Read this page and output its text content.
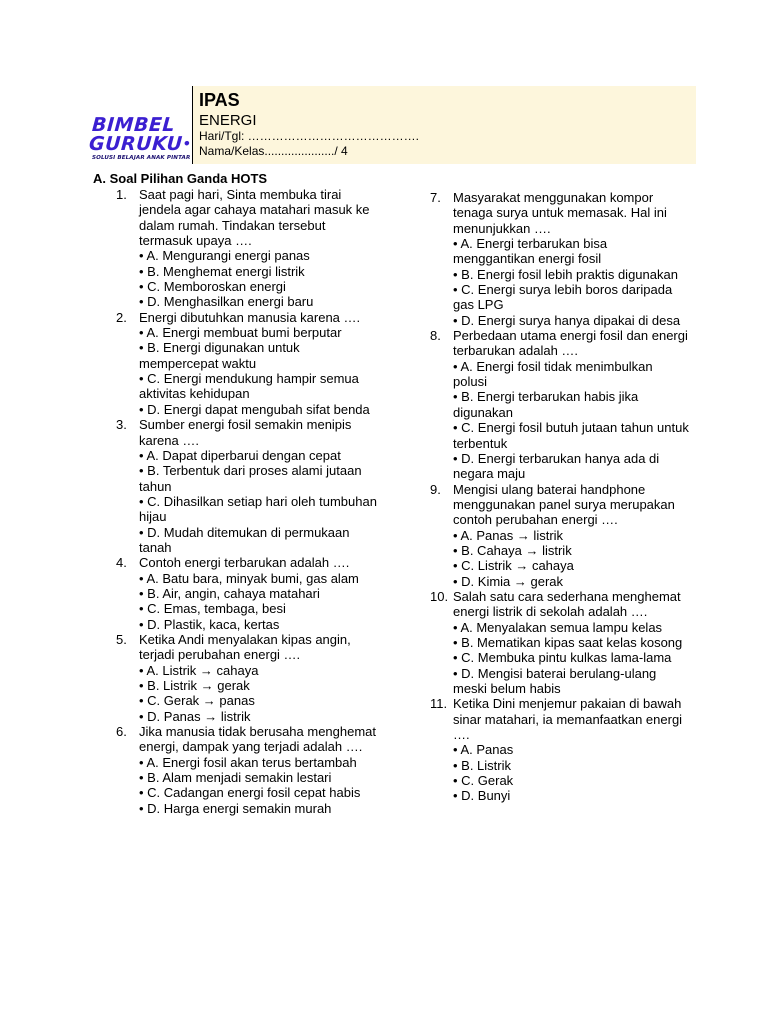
BIMBEL
GURUKU•
SOLUSI BELAJAR ANAK PINTAR
IPAS
ENERGI
Hari/Tgl: …………………………………….
Nama/Kelas...................../ 4
A. Soal Pilihan Ganda HOTS
1. Saat pagi hari, Sinta membuka tirai jendela agar cahaya matahari masuk ke dalam rumah. Tindakan tersebut termasuk upaya ….
• A. Mengurangi energi panas
• B. Menghemat energi listrik
• C. Memboroskan energi
• D. Menghasilkan energi baru
2. Energi dibutuhkan manusia karena ….
• A. Energi membuat bumi berputar
• B. Energi digunakan untuk mempercepat waktu
• C. Energi mendukung hampir semua aktivitas kehidupan
• D. Energi dapat mengubah sifat benda
3. Sumber energi fosil semakin menipis karena ….
• A. Dapat diperbarui dengan cepat
• B. Terbentuk dari proses alami jutaan tahun
• C. Dihasilkan setiap hari oleh tumbuhan hijau
• D. Mudah ditemukan di permukaan tanah
4. Contoh energi terbarukan adalah ….
• A. Batu bara, minyak bumi, gas alam
• B. Air, angin, cahaya matahari
• C. Emas, tembaga, besi
• D. Plastik, kaca, kertas
5. Ketika Andi menyalakan kipas angin, terjadi perubahan energi ….
• A. Listrik → cahaya
• B. Listrik → gerak
• C. Gerak → panas
• D. Panas → listrik
6. Jika manusia tidak berusaha menghemat energi, dampak yang terjadi adalah ….
• A. Energi fosil akan terus bertambah
• B. Alam menjadi semakin lestari
• C. Cadangan energi fosil cepat habis
• D. Harga energi semakin murah
7. Masyarakat menggunakan kompor tenaga surya untuk memasak. Hal ini menunjukkan ….
• A. Energi terbarukan bisa menggantikan energi fosil
• B. Energi fosil lebih praktis digunakan
• C. Energi surya lebih boros daripada gas LPG
• D. Energi surya hanya dipakai di desa
8. Perbedaan utama energi fosil dan energi terbarukan adalah ….
• A. Energi fosil tidak menimbulkan polusi
• B. Energi terbarukan habis jika digunakan
• C. Energi fosil butuh jutaan tahun untuk terbentuk
• D. Energi terbarukan hanya ada di negara maju
9. Mengisi ulang baterai handphone menggunakan panel surya merupakan contoh perubahan energi ….
• A. Panas → listrik
• B. Cahaya → listrik
• C. Listrik → cahaya
• D. Kimia → gerak
10. Salah satu cara sederhana menghemat energi listrik di sekolah adalah ….
• A. Menyalakan semua lampu kelas
• B. Mematikan kipas saat kelas kosong
• C. Membuka pintu kulkas lama-lama
• D. Mengisi baterai berulang-ulang meski belum habis
11. Ketika Dini menjemur pakaian di bawah sinar matahari, ia memanfaatkan energi ….
• A. Panas
• B. Listrik
• C. Gerak
• D. Bunyi
